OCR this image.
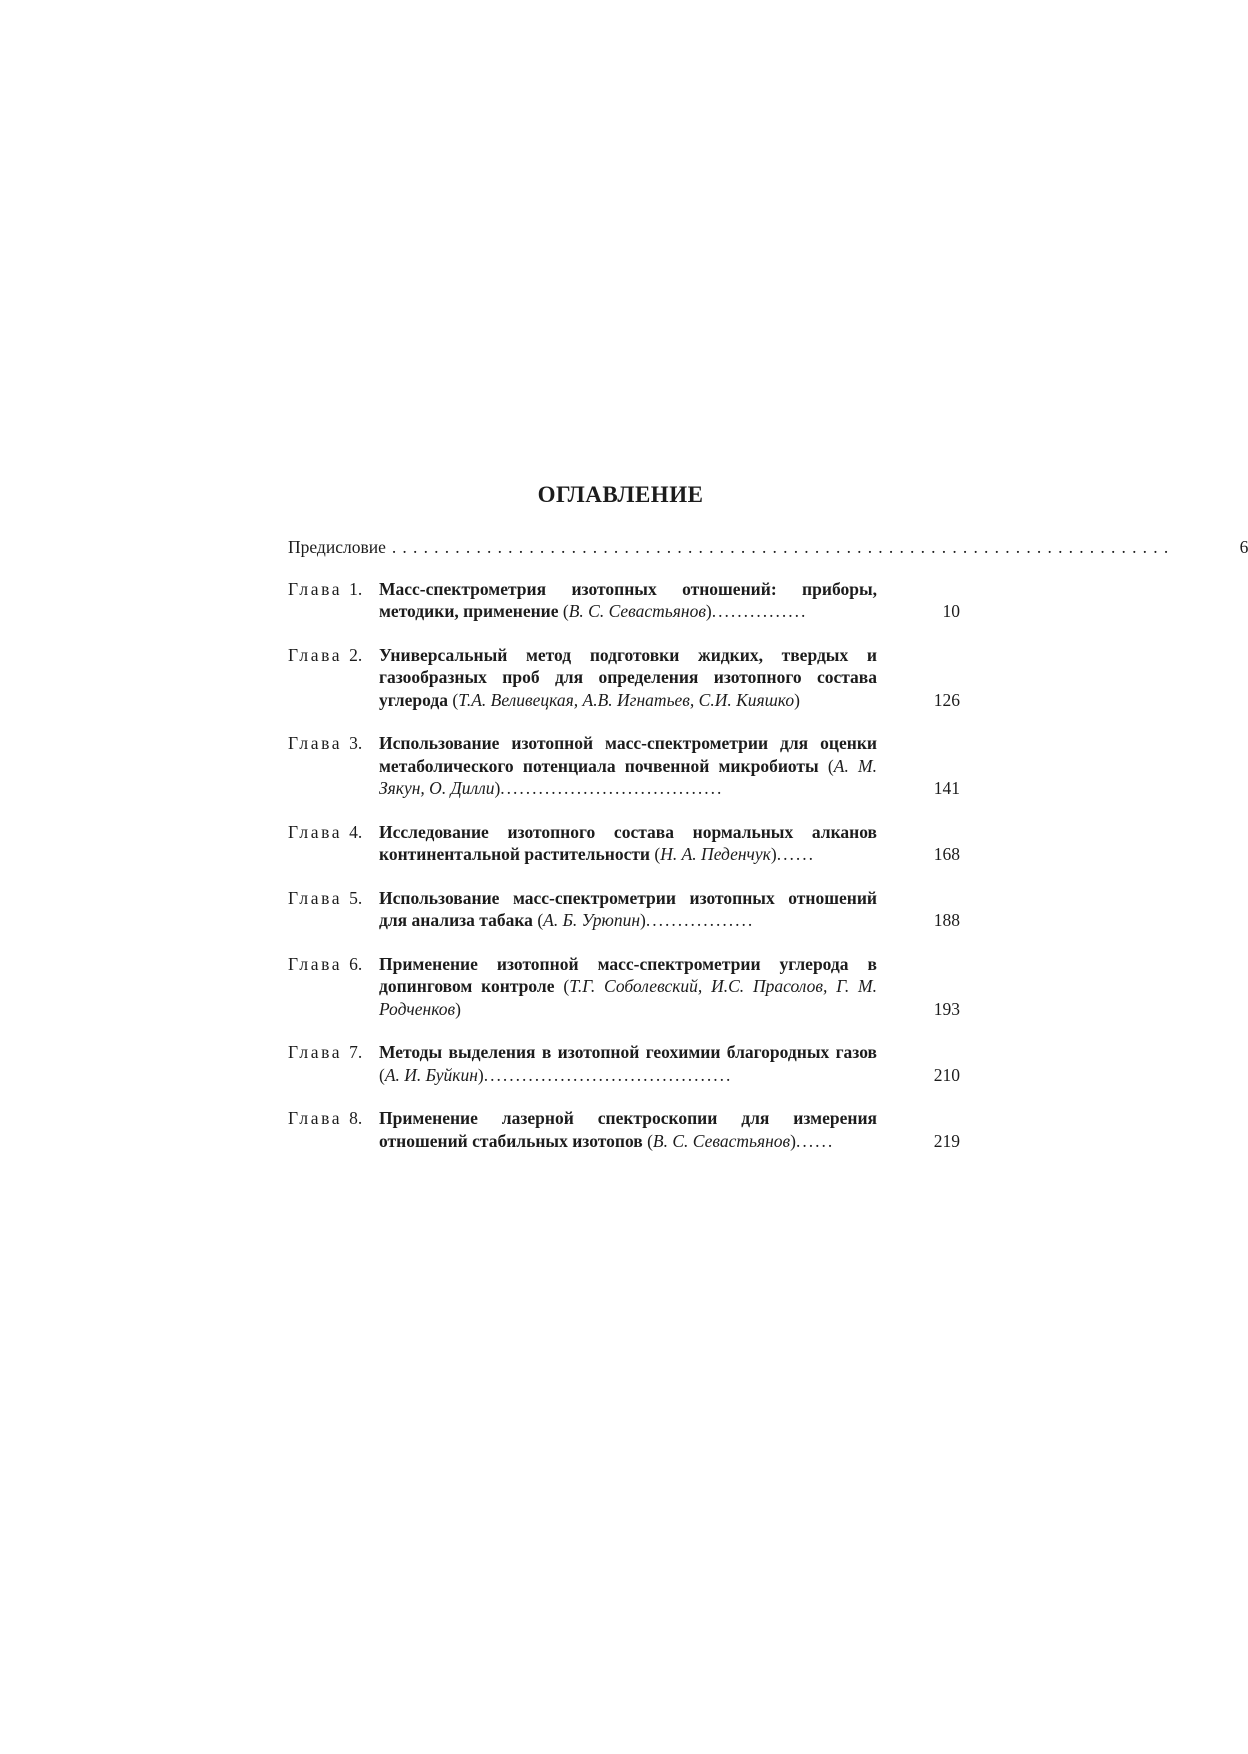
ОГЛАВЛЕНИЕ
Предисловие ..........................................................................	6
Глава 1. Масс-спектрометрия изотопных отношений: приборы, методики, применение (В. С. Севастьянов)...............	10
Глава 2. Универсальный метод подготовки жидких, твердых и газообразных проб для определения изотопного состава углерода (Т.А. Веливецкая, А.В. Игнатьев, С.И. Кияшко)	126
Глава 3. Использование изотопной масс-спектрометрии для оценки метаболического потенциала почвенной микробиоты (А. М. Зякун, О. Дилли)...................................	141
Глава 4. Исследование изотопного состава нормальных алканов континентальной растительности (Н. А. Педенчук)......	168
Глава 5. Использование масс-спектрометрии изотопных отношений для анализа табака (А. Б. Урюпин).................	188
Глава 6. Применение изотопной масс-спектрометрии углерода в допинговом контроле (Т.Г. Соболевский, И.С. Прасолов, Г. М. Родченков)	193
Глава 7. Методы выделения в изотопной геохимии благородных газов (А. И. Буйкин).......................................	210
Глава 8. Применение лазерной спектроскопии для измерения отношений стабильных изотопов (В. С. Севастьянов)......	219
